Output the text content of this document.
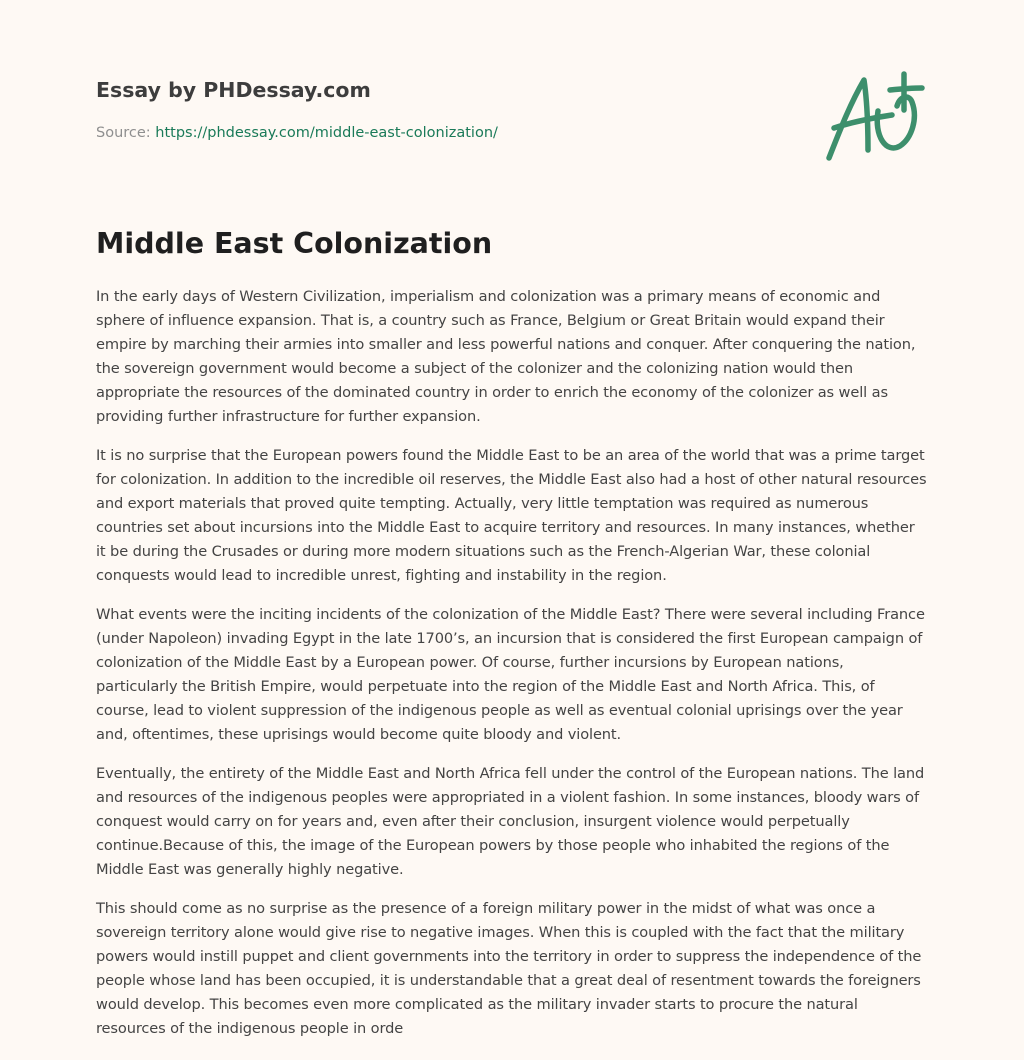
Essay by PHDessay.com

Source: https://phdessay.com/middle-east-colonization/
Middle East Colonization

In the early days of Western Civilization, imperialism and colonization was a primary means of economic and sphere of influence expansion. That is, a country such as France, Belgium or Great Britain would expand their empire by marching their armies into smaller and less powerful nations and conquer. After conquering the nation, the sovereign government would become a subject of the colonizer and the colonizing nation would then appropriate the resources of the dominated country in order to enrich the economy of the colonizer as well as providing further infrastructure for further expansion.

It is no surprise that the European powers found the Middle East to be an area of the world that was a prime target for colonization. In addition to the incredible oil reserves, the Middle East also had a host of other natural resources and export materials that proved quite tempting. Actually, very little temptation was required as numerous countries set about incursions into the Middle East to acquire territory and resources. In many instances, whether it be during the Crusades or during more modern situations such as the French-Algerian War, these colonial conquests would lead to incredible unrest, fighting and instability in the region.

What events were the inciting incidents of the colonization of the Middle East? There were several including France (under Napoleon) invading Egypt in the late 1700’s, an incursion that is considered the first European campaign of colonization of the Middle East by a European power. Of course, further incursions by European nations, particularly the British Empire, would perpetuate into the region of the Middle East and North Africa. This, of course, lead to violent suppression of the indigenous people as well as eventual colonial uprisings over the year and, oftentimes, these uprisings would become quite bloody and violent.

Eventually, the entirety of the Middle East and North Africa fell under the control of the European nations. The land and resources of the indigenous peoples were appropriated in a violent fashion. In some instances, bloody wars of conquest would carry on for years and, even after their conclusion, insurgent violence would perpetually continue.Because of this, the image of the European powers by those people who inhabited the regions of the Middle East was generally highly negative.

This should come as no surprise as the presence of a foreign military power in the midst of what was once a sovereign territory alone would give rise to negative images. When this is coupled with the fact that the military powers would instill puppet and client governments into the territory in order to suppress the independence of the people whose land has been occupied, it is understandable that a great deal of resentment towards the foreigners would develop. This becomes even more complicated as the military invader starts to procure the natural resources of the indigenous people in orde
